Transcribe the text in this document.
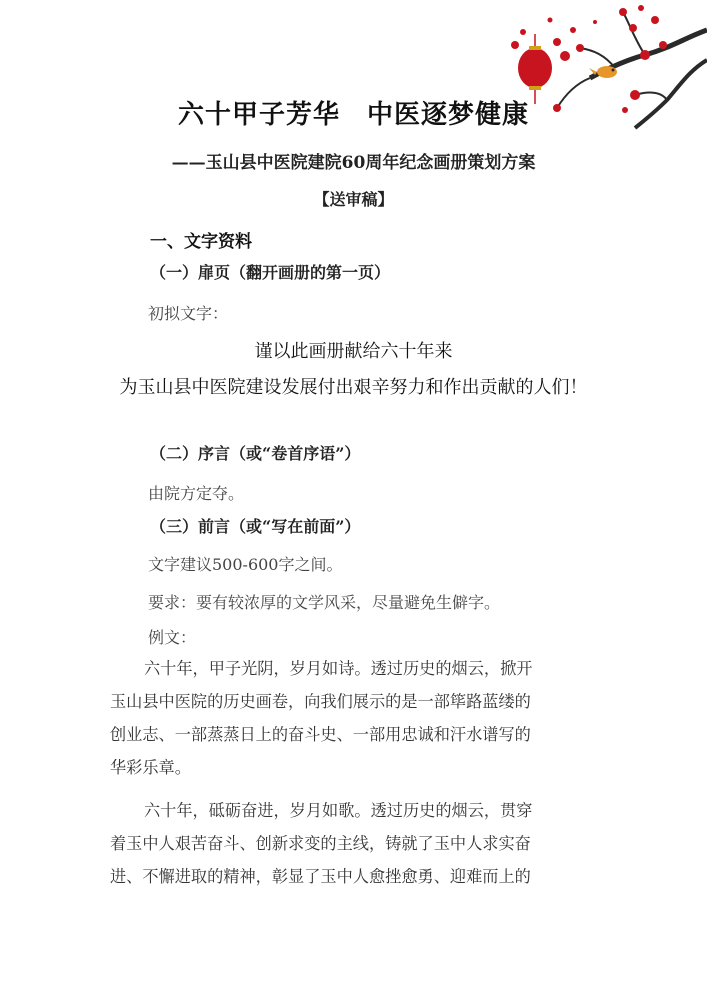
六十甲子芳华　中医逐梦健康
——玉山县中医院建院60周年纪念画册策划方案
【送审稿】
一、文字资料
（一）扉页（翻开画册的第一页）
初拟文字：
谨以此画册献给六十年来
为玉山县中医院建设发展付出艰辛努力和作出贡献的人们！
（二）序言（或“卷首序语”）
由院方定夺。
（三）前言（或“写在前面”）
文字建议500-600字之间。
要求：要有较浓厚的文学风采，尽量避免生僻字。
例文：
六十年，甲子光阴，岁月如诗。透过历史的烟云，掀开
玉山县中医院的历史画卷，向我们展示的是一部筚路蓝缕的
创业志、一部蒸蒸日上的奋斗史、一部用忠诚和汗水谱写的
华彩乐章。
六十年，砥砺奋进，岁月如歌。透过历史的烟云，贯穿
着玉中人艰苦奋斗、创新求变的主线，铸就了玉中人求实奋
进、不懈进取的精神，彰显了玉中人愈挫愈勇、迎难而上的
